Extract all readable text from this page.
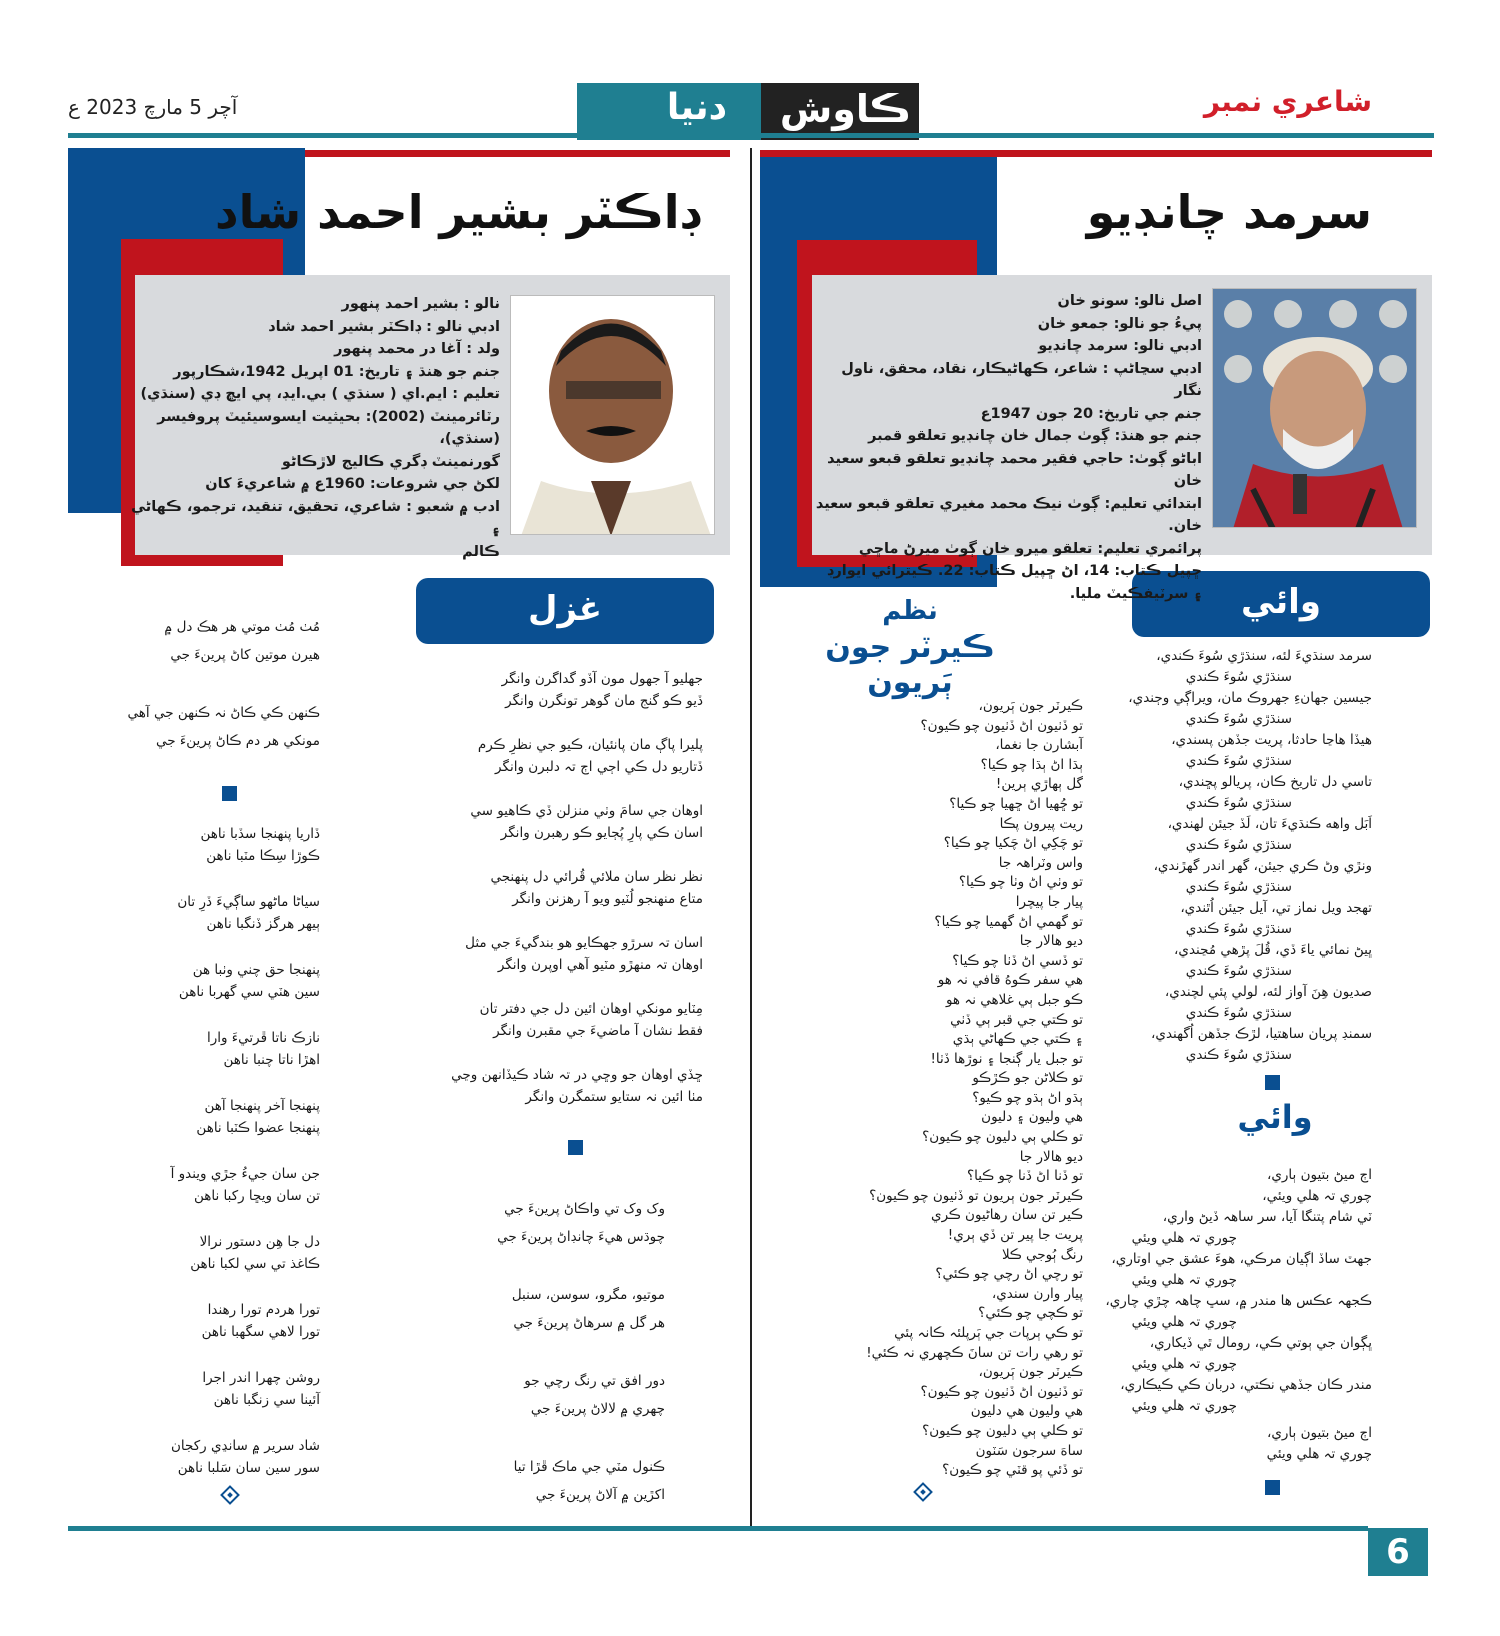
شاعري نمبر
آچر 5 مارچ 2023 ع	دنيا	ڪاوش
سرمد چانڊيو
اصل نالو: سونو خان
پيءُ جو نالو: جمعو خان
ادبي نالو: سرمد چانڊيو
ادبي سڃاڻپ : شاعر، ڪهاڻيڪار، نقاد، محقق، ناول نگار
جنم جي تاريخ: 20 جون 1947ع
جنم جو هنڌ: ڳوٺ جمال خان چانڊيو تعلقو قمبر
اباڻو ڳوٺ: حاجي فقير محمد چانڊيو تعلقو قبعو سعيد خان
ابتدائي تعليم: ڳوٺ نيڪ محمد مغيري تعلقو قبعو سعيد خان.
پرائمري تعليم: تعلقو ميرو خان ڳوٺ ميرڻ ماڇي
ڇپيل ڪتاب: 14، اڻ ڇپيل ڪتاب: 22. ڪيترائي ايوارڊ
۽ سرٽيفڪيٽ مليا.
ڊاڪٽر بشير احمد شاد
نالو : بشير احمد پنهور
ادبي نالو : ڊاڪٽر بشير احمد شاد
ولد : آغا در محمد پنهور
جنم جو هنڌ ۽ تاريخ: 01 اپريل 1942،شڪارپور
تعليم : ايم.اي ( سنڌي ) بي.ايڊ، پي ايڇ ڊي (سنڌي)
رٽائرمينٽ (2002): بحيثيت ايسوسيئيٽ پروفيسر (سنڌي)،
گورنمينٽ ڊگري ڪاليج لاڙڪاڻو
لکڻ جي شروعات: 1960ع ۾ شاعريءَ کان
ادب ۾ شعبو : شاعري، تحقيق، تنقيد، ترجمو، ڪهاڻي ۽
ڪالم
وائي
سرمد سنڌيءَ لئه، سنڌڙي سُوءَ ڪندي،
سنڌڙي سُوءَ ڪندي
جيسين جهانءِ جهروڪ مان، ويراڳي وڄندي،
سنڌڙي سُوءَ ڪندي
هيڏا هاڃا حادثا، پريت جڏهن پسندي،
سنڌڙي سُوءَ ڪندي
تاسي دل تاريخ ڪان، پريالو پڇندي،
سنڌڙي سُوءَ ڪندي
اَبَل واهه ڪنڌيءَ تان، لَڏ جيئن لهندي،
سنڌڙي سُوءَ ڪندي
ونڙي وڻ ڪري جيئن، گهر اندر گهڙندي،
سنڌڙي سُوءَ ڪندي
تهجد ويل نماز تي، آيل جيئن اُٿندي،
سنڌڙي سُوءَ ڪندي
ڀيڻ نمائي ياءَ ڏي، قُلَ پڙهي مُڃندي،
سنڌڙي سُوءَ ڪندي
صديون هِنَ آواز لئه، لولي پئي لچندي،
سنڌڙي سُوءَ ڪندي
سمنڊ پريان ساهتيا، لڙڪ جڏهن اُگهندي،
سنڌڙي سُوءَ ڪندي
وائي
اڄ ميڻ بتيون ٻاري،
چوري تہ هلي ويئي،
ٽي شام پتنگا آيا، سر ساهہ ڏيڻ واري،
چوري تہ هلي ويئي
جهٽ ساڏ اڳيان مرڪي، هوءَ عشق جي اوتاري،
چوري تہ هلي ويئي
ڪجهہ عڪس ها مندر ۾، سڀ چاهہ چڙي چاري،
چوري تہ هلي ويئي
ڀڳوان جي ٻوتي ڪي، رومال ٿي ڏيکاري،
چوري تہ هلي ويئي
مندر ڪان جڏهي نڪتي، دربان ڪي ڪيڪاري،
چوري تہ هلي ويئي
اڄ ميڻ بتيون ٻاري،
چوري تہ هلي ويئي
نظم
ڪيرٽر جون ٻَريون
ڪيرٽر جون ٻَريون،
تو ڏٺيون اڻ ڏٺيون چو ڪيون؟
آبشارن جا نغما،
ٻڌا اڻ ٻڌا چو ڪيا؟
گل ٻهاڙي ٻرين!
تو ڇُهيا اڻ ڇهيا چو ڪيا؟
ريت پيرون پڪا
تو چَکِي اڻ چَکيا چو ڪيا؟
واس وٽراهہ جا
تو وٺي اڻ وٺا چو ڪيا؟
پيار جا پيچرا
تو گهمي اڻ گهميا چو ڪيا؟
ديو هالار جا
تو ڏسي اڻ ڏٺا چو ڪيا؟
هي سفر ڪوهُ قافي نہ هو
ڪو جبل ٻي غلاهي نہ هو
تو ڪتي جي قبر ٻي ڏٺي
۽ ڪتي جي ڪهاڻي ٻڌي
تو جبل يار ڳنجا ۽ نوڙها ڏٺا!
تو ڪلاڻن جو ڪڙڪو
ٻڌو اڻ ٻڌو چو ڪيو؟
هي وليون ۽ دليون
تو ڪلي ٻي دليون چو ڪيون؟
ديو هالار جا
تو ڏنا اڻ ڏنا چو ڪيا؟
ڪيرٽر جون ٻريون تو ڏٺيون چو ڪيون؟
ڪير تن سان رهاڻيون ڪري
پريت جا پير تن ڏي ٻري!
رنگ ٻُوجي ڪلا
تو رچي اڻ رچي چو ڪئي؟
پيار وارن سندي،
تو ڪچي چو ڪئي؟
تو ڪي ٻرپات جي ٻَرپلئہ ڪانہ پئي
تو رهي رات تن سانَ ڪچهري نہ ڪئي!
ڪيرٽر جون ٻَريون،
تو ڏٺيون اڻ ڏٺيون چو ڪيون؟
هي وليون هي دليون
تو ڪلي ٻي دليون چو ڪيون؟
ساهَ سرجون سَٽون
تو ڏئي پو قٽي چو ڪيون؟
غزل
جهليو آ جهول مون آڏو گداگرن وانگر
ڏيو ڪو گنج مان گوهر تونگرن وانگر
پليرا پاڳ مان پانئيان، ڪيو جي نظرِ ڪرم
ڏتاريو دل ڪي اڄي اڄ تہ دلبرن وانگر
اوهان جي سامَ وٺي منزلن ڏي ڪاهيو سي
اسان ڪي پارِ پُڄايو ڪو رهبرن وانگر
نظر نظر سان ملائي قُرائي دل پنهنجي
متاع منهنجو لُٽيو ويو آ رهزنن وانگر
اسان تہ سرڙو جهڪايو هو بندگيءَ جي مثل
اوهان تہ منهڙو مٽيو آهي اوپرن وانگر
مِٽايو مونکي اوهان ائين دل جي دفتر تان
فقط نشان آ ماضيءَ جي مقبرن وانگر
ڇڏي اوهان جو وڇي در تہ شاد ڪيڏانهن وڃي
مٺا ائين نہ ستايو ستمگرن وانگر
وک وک تي واڪاڻ پرينءَ جي
چوڌس هيءَ چانڊاڻ پرينءَ جي
موتيو، مگرو، سوسن، سنبل
هر گل ۾ سرهاڻ پرينءَ جي
دور افق تي رنگ رچي جو
چهري ۾ لالاڻ پرينءَ جي
ڪنول مٽي جي ماڪ ڦڙا تيا
اکڙين ۾ آلاڻ پرينءَ جي
مُٺ مُٺ موتي هر هڪ دل ۾
هيرن موتين کاڻ پرينءَ جي
ڪنهن ڪي ڪاڻ نہ ڪنهن جي آهي
مونکي هر دم ڪاڻ پرينءَ جي
ڏاريا پنهنجا سڏبا ناهن
ڪوڙا سِڪا مٽبا ناهن
سياڻا ماڻهو ساڳيءَ ڏرِ تان
ٻيهر هرگز ڏنگبا ناهن
پنهنجا حق چني وٺبا هن
سين هٽي سي گهربا ناهن
نازڪ ناتا ڦرتيءَ وارا
اهڙا ناتا چنبا ناهن
پنهنجا آخر پنهنجا آهن
پنهنجا عضوا ڪٽبا ناهن
جن سان جيءُ جڙي ويندو آ
تن سان ويڇا رکبا ناهن
دل جا هِن دستور نرالا
ڪاغذ تي سي لکبا ناهن
تورا هردم تورا رهندا
تورا لاهي سگهبا ناهن
روشن چهرا اندر اجرا
آئينا سي زنگبا ناهن
شاد سرير ۾ سانڍي رکجان
سور سين سان سَلبا ناهن
6
